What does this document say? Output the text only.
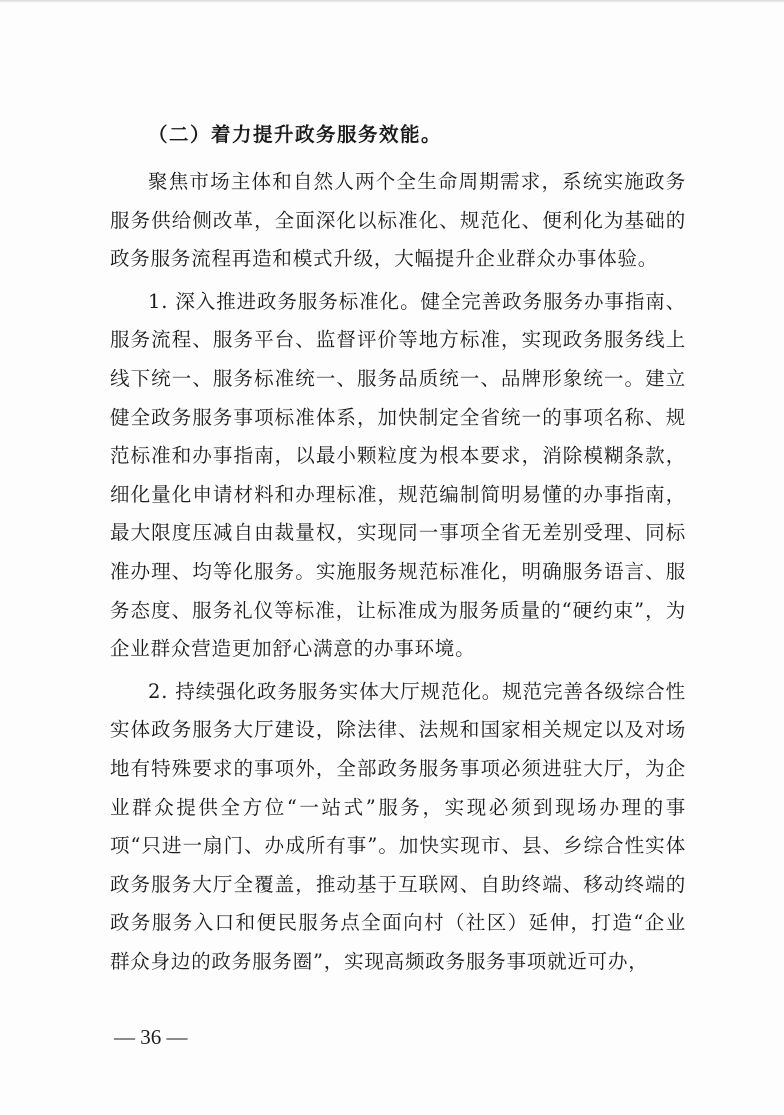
（二）着力提升政务服务效能。

聚焦市场主体和自然人两个全生命周期需求，系统实施政务服务供给侧改革，全面深化以标准化、规范化、便利化为基础的政务服务流程再造和模式升级，大幅提升企业群众办事体验。

1. 深入推进政务服务标准化。健全完善政务服务办事指南、服务流程、服务平台、监督评价等地方标准，实现政务服务线上线下统一、服务标准统一、服务品质统一、品牌形象统一。建立健全政务服务事项标准体系，加快制定全省统一的事项名称、规范标准和办事指南，以最小颗粒度为根本要求，消除模糊条款，细化量化申请材料和办理标准，规范编制简明易懂的办事指南，最大限度压减自由裁量权，实现同一事项全省无差别受理、同标准办理、均等化服务。实施服务规范标准化，明确服务语言、服务态度、服务礼仪等标准，让标准成为服务质量的“硬约束”，为企业群众营造更加舒心满意的办事环境。

2. 持续强化政务服务实体大厅规范化。规范完善各级综合性实体政务服务大厅建设，除法律、法规和国家相关规定以及对场地有特殊要求的事项外，全部政务服务事项必须进驻大厅，为企业群众提供全方位“一站式”服务，实现必须到现场办理的事项“只进一扇门、办成所有事”。加快实现市、县、乡综合性实体政务服务大厅全覆盖，推动基于互联网、自助终端、移动终端的政务服务入口和便民服务点全面向村（社区）延伸，打造“企业群众身边的政务服务圈”，实现高频政务服务事项就近可办，

— 36 —
